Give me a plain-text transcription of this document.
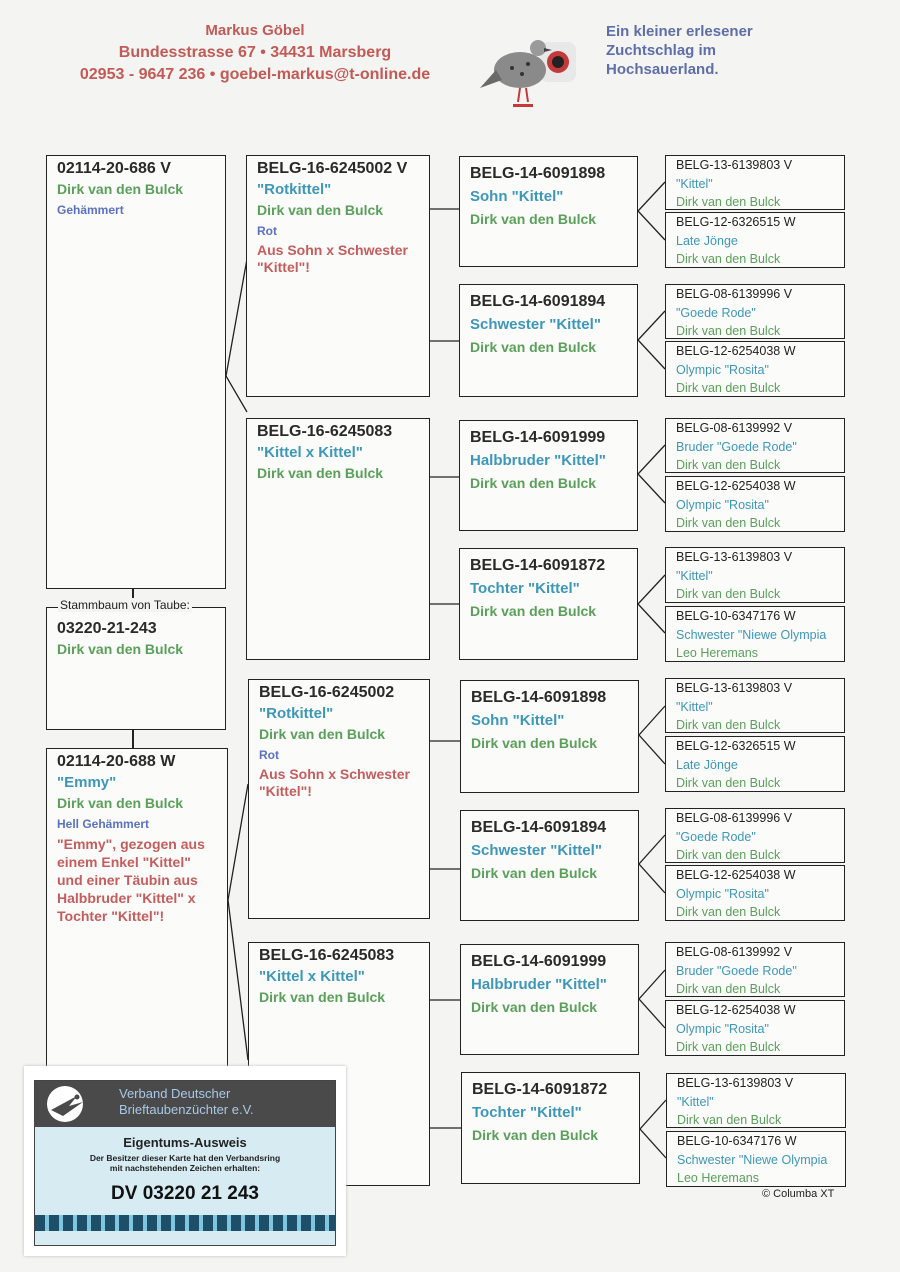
Markus Göbel
Bundesstrasse 67 • 34431 Marsberg
02953 - 9647 236 • goebel-markus@t-online.de
Ein kleiner erlesener
Zuchtschlag im
Hochsauerland.
02114-20-686 V
Dirk van den Bulck
Gehämmert
03220-21-243
Dirk van den Bulck
Stammbaum von Taube:
02114-20-688 W
"Emmy"
Dirk van den Bulck
Hell Gehämmert
"Emmy", gezogen aus
einem Enkel "Kittel"
und einer Täubin aus
Halbbruder "Kittel" x
Tochter "Kittel"!
BELG-16-6245002 V
"Rotkittel"
Dirk van den Bulck
Rot
Aus Sohn x Schwester
"Kittel"!
BELG-16-6245083
"Kittel x Kittel"
Dirk van den Bulck
BELG-16-6245002
"Rotkittel"
Dirk van den Bulck
Rot
Aus Sohn x Schwester
"Kittel"!
BELG-16-6245083
"Kittel x Kittel"
Dirk van den Bulck
BELG-14-6091898
Sohn "Kittel"
Dirk van den Bulck
BELG-14-6091894
Schwester "Kittel"
Dirk van den Bulck
BELG-14-6091999
Halbbruder "Kittel"
Dirk van den Bulck
BELG-14-6091872
Tochter "Kittel"
Dirk van den Bulck
BELG-14-6091898
Sohn "Kittel"
Dirk van den Bulck
BELG-14-6091894
Schwester "Kittel"
Dirk van den Bulck
BELG-14-6091999
Halbbruder "Kittel"
Dirk van den Bulck
BELG-14-6091872
Tochter "Kittel"
Dirk van den Bulck
BELG-13-6139803 V
"Kittel"
Dirk van den Bulck
BELG-12-6326515 W
Late Jönge
Dirk van den Bulck
BELG-08-6139996 V
"Goede Rode"
Dirk van den Bulck
BELG-12-6254038 W
Olympic "Rosita"
Dirk van den Bulck
BELG-08-6139992 V
Bruder "Goede Rode"
Dirk van den Bulck
BELG-12-6254038 W
Olympic "Rosita"
Dirk van den Bulck
BELG-13-6139803 V
"Kittel"
Dirk van den Bulck
BELG-10-6347176 W
Schwester "Niewe Olympia
Leo Heremans
BELG-13-6139803 V
"Kittel"
Dirk van den Bulck
BELG-12-6326515 W
Late Jönge
Dirk van den Bulck
BELG-08-6139996 V
"Goede Rode"
Dirk van den Bulck
BELG-12-6254038 W
Olympic "Rosita"
Dirk van den Bulck
BELG-08-6139992 V
Bruder "Goede Rode"
Dirk van den Bulck
BELG-12-6254038 W
Olympic "Rosita"
Dirk van den Bulck
BELG-13-6139803 V
"Kittel"
Dirk van den Bulck
BELG-10-6347176 W
Schwester "Niewe Olympia
Leo Heremans
© Columba XT
Verband Deutscher
Brieftaubenzüchter e.V.
Eigentums-Ausweis
Der Besitzer dieser Karte hat den Verbandsring
mit nachstehenden Zeichen erhalten:
DV 03220 21 243
